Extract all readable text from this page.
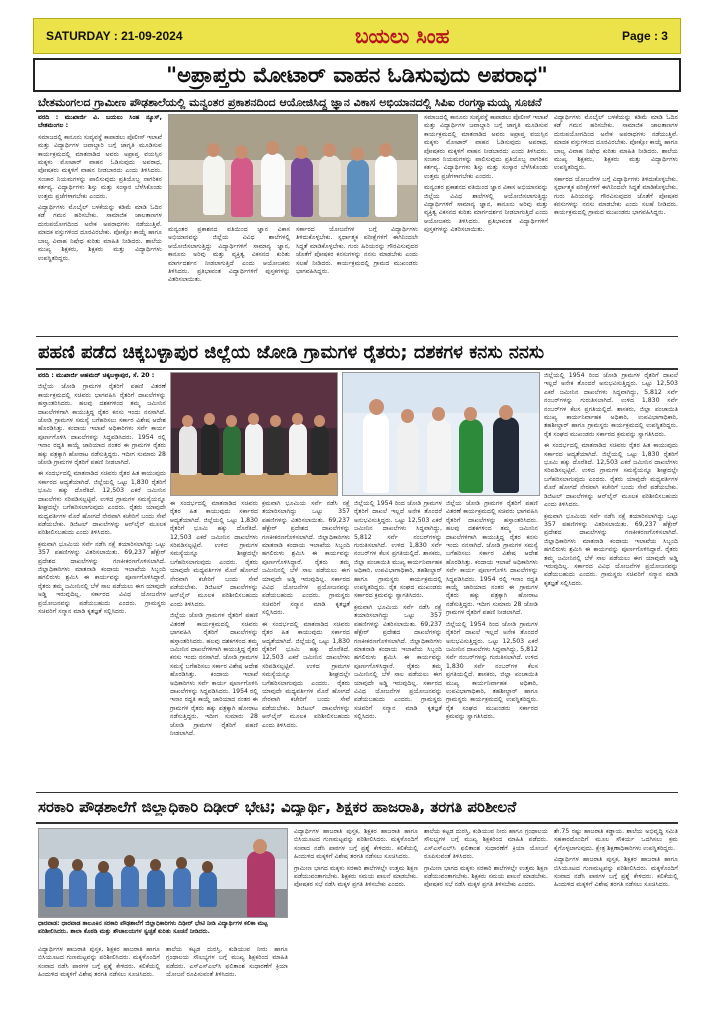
SATURDAY : 21-09-2024	ಬಯಲು ಸಿಂಹ	Page : 3
"ಅಪ್ರಾಪ್ತರು ಮೋಟಾರ್ ವಾಹನ ಓಡಿಸುವುದು ಅಪರಾಧ"
ಬೇತಮಂಗಲದ ಗ್ರಾಮೀಣ ಪೌಢಶಾಲೆಯಲ್ಲಿ ಮನ್ವಂತರ ಪ್ರಕಾಶನದಿಂದ ಆಯೋಜಿಸಿದ್ದ ಜ್ಞಾನ ವಿಕಾಸ ಅಭಿಯಾನದಲ್ಲಿ ಸಿಪಿಐ ರಂಗಸ್ವಾಮಯ್ಯ ಸೂಚನೆ

ವರದಿ : ಮುಖಾರ್ಜಿ ವಿ. ಬಯಲು ಸಿಂಹ ನ್ಯೂಸ್, ಬೇತಮಂಗಲ :

ಸಮಾಜದಲ್ಲಿ ಕಾನೂನು ಸುವ್ಯವಸ್ಥೆ ಕಾಪಾಡಲು ಪೊಲೀಸ್ ಇಲಾಖೆ ಮತ್ತು ವಿದ್ಯಾರ್ಥಿಗಳ ಜವಾಬ್ದಾರಿ ಬಗ್ಗೆ ಜಾಗೃತಿ ಮೂಡಿಸುವ ಕಾರ್ಯಕ್ರಮದಲ್ಲಿ ಮಾತನಾಡಿದ ಅವರು ಅಪ್ರಾಪ್ತ ವಯಸ್ಸಿನ ಮಕ್ಕಳು ಮೋಟಾರ್ ವಾಹನ ಓಡಿಸುವುದು ಅಪರಾಧ, ಪೋಷಕರು ಮಕ್ಕಳಿಗೆ ವಾಹನ ನೀಡಬಾರದು ಎಂದು ತಿಳಿಸಿದರು. ಸಂಚಾರ ನಿಯಮಗಳನ್ನು ಪಾಲಿಸುವುದು ಪ್ರತಿಯೊಬ್ಬ ನಾಗರಿಕನ ಕರ್ತವ್ಯ. ವಿದ್ಯಾರ್ಥಿಗಳು ಶಿಸ್ತು ಮತ್ತು ಸಂಸ್ಕಾರ ಬೆಳೆಸಿಕೊಂಡು ಉತ್ತಮ ಪ್ರಜೆಗಳಾಗಬೇಕು ಎಂದರು.

ವಿದ್ಯಾರ್ಥಿಗಳು ಮೊಬೈಲ್ ಬಳಕೆಯನ್ನು ಕಡಿಮೆ ಮಾಡಿ ಓದಿನ ಕಡೆ ಗಮನ ಹರಿಸಬೇಕು. ಸಾಮಾಜಿಕ ಜಾಲತಾಣಗಳ ದುರುಪಯೋಗದಿಂದ ಅನೇಕ ಅಪರಾಧಗಳು ನಡೆಯುತ್ತಿವೆ. ಮಾದಕ ವಸ್ತುಗಳಿಂದ ದೂರವಿರಬೇಕು. ಪೋಕ್ಸೋ ಕಾಯ್ದೆ ಹಾಗೂ ಬಾಲ್ಯ ವಿವಾಹ ನಿಷೇಧ ಕುರಿತು ಮಾಹಿತಿ ನೀಡಿದರು. ಶಾಲೆಯ ಮುಖ್ಯ ಶಿಕ್ಷಕರು, ಶಿಕ್ಷಕರು ಮತ್ತು ವಿದ್ಯಾರ್ಥಿಗಳು ಉಪಸ್ಥಿತರಿದ್ದರು.

ಮನ್ವಂತರ ಪ್ರಕಾಶನದ ವತಿಯಿಂದ ಜ್ಞಾನ ವಿಕಾಸ ಅಭಿಯಾನವನ್ನು ಜಿಲ್ಲೆಯ ವಿವಿಧ ಶಾಲೆಗಳಲ್ಲಿ ಆಯೋಜಿಸಲಾಗುತ್ತಿದ್ದು ವಿದ್ಯಾರ್ಥಿಗಳಿಗೆ ಸಾಮಾನ್ಯ ಜ್ಞಾನ, ಕಾನೂನು ಅರಿವು ಮತ್ತು ವ್ಯಕ್ತಿತ್ವ ವಿಕಸನದ ಕುರಿತು ಮಾರ್ಗದರ್ಶನ ನೀಡಲಾಗುತ್ತಿದೆ ಎಂದು ಆಯೋಜಕರು ತಿಳಿಸಿದರು. ಪ್ರತಿಭಾವಂತ ವಿದ್ಯಾರ್ಥಿಗಳಿಗೆ ಪುಸ್ತಕಗಳನ್ನು ವಿತರಿಸಲಾಯಿತು.

ಸರ್ಕಾರದ ಯೋಜನೆಗಳ ಬಗ್ಗೆ ವಿದ್ಯಾರ್ಥಿಗಳು ತಿಳಿದುಕೊಳ್ಳಬೇಕು. ಸ್ಪರ್ಧಾತ್ಮಕ ಪರೀಕ್ಷೆಗಳಿಗೆ ಈಗಿನಿಂದಲೇ ಸಿದ್ಧತೆ ಮಾಡಿಕೊಳ್ಳಬೇಕು. ಗುರು ಹಿರಿಯರನ್ನು ಗೌರವಿಸುವುದರ ಜೊತೆಗೆ ಪೋಷಕರ ಕನಸುಗಳನ್ನು ನನಸು ಮಾಡಬೇಕು ಎಂದು ಸಲಹೆ ನೀಡಿದರು. ಕಾರ್ಯಕ್ರಮದಲ್ಲಿ ಗ್ರಾಮದ ಮುಖಂಡರು ಭಾಗವಹಿಸಿದ್ದರು.

ಸಮಾಜದಲ್ಲಿ ಕಾನೂನು ಸುವ್ಯವಸ್ಥೆ ಕಾಪಾಡಲು ಪೊಲೀಸ್ ಇಲಾಖೆ ಮತ್ತು ವಿದ್ಯಾರ್ಥಿಗಳ ಜವಾಬ್ದಾರಿ ಬಗ್ಗೆ ಜಾಗೃತಿ ಮೂಡಿಸುವ ಕಾರ್ಯಕ್ರಮದಲ್ಲಿ ಮಾತನಾಡಿದ ಅವರು ಅಪ್ರಾಪ್ತ ವಯಸ್ಸಿನ ಮಕ್ಕಳು ಮೋಟಾರ್ ವಾಹನ ಓಡಿಸುವುದು ಅಪರಾಧ, ಪೋಷಕರು ಮಕ್ಕಳಿಗೆ ವಾಹನ ನೀಡಬಾರದು ಎಂದು ತಿಳಿಸಿದರು. ಸಂಚಾರ ನಿಯಮಗಳನ್ನು ಪಾಲಿಸುವುದು ಪ್ರತಿಯೊಬ್ಬ ನಾಗರಿಕನ ಕರ್ತವ್ಯ. ವಿದ್ಯಾರ್ಥಿಗಳು ಶಿಸ್ತು ಮತ್ತು ಸಂಸ್ಕಾರ ಬೆಳೆಸಿಕೊಂಡು ಉತ್ತಮ ಪ್ರಜೆಗಳಾಗಬೇಕು ಎಂದರು.

ಮನ್ವಂತರ ಪ್ರಕಾಶನದ ವತಿಯಿಂದ ಜ್ಞಾನ ವಿಕಾಸ ಅಭಿಯಾನವನ್ನು ಜಿಲ್ಲೆಯ ವಿವಿಧ ಶಾಲೆಗಳಲ್ಲಿ ಆಯೋಜಿಸಲಾಗುತ್ತಿದ್ದು ವಿದ್ಯಾರ್ಥಿಗಳಿಗೆ ಸಾಮಾನ್ಯ ಜ್ಞಾನ, ಕಾನೂನು ಅರಿವು ಮತ್ತು ವ್ಯಕ್ತಿತ್ವ ವಿಕಸನದ ಕುರಿತು ಮಾರ್ಗದರ್ಶನ ನೀಡಲಾಗುತ್ತಿದೆ ಎಂದು ಆಯೋಜಕರು ತಿಳಿಸಿದರು. ಪ್ರತಿಭಾವಂತ ವಿದ್ಯಾರ್ಥಿಗಳಿಗೆ ಪುಸ್ತಕಗಳನ್ನು ವಿತರಿಸಲಾಯಿತು.

ವಿದ್ಯಾರ್ಥಿಗಳು ಮೊಬೈಲ್ ಬಳಕೆಯನ್ನು ಕಡಿಮೆ ಮಾಡಿ ಓದಿನ ಕಡೆ ಗಮನ ಹರಿಸಬೇಕು. ಸಾಮಾಜಿಕ ಜಾಲತಾಣಗಳ ದುರುಪಯೋಗದಿಂದ ಅನೇಕ ಅಪರಾಧಗಳು ನಡೆಯುತ್ತಿವೆ. ಮಾದಕ ವಸ್ತುಗಳಿಂದ ದೂರವಿರಬೇಕು. ಪೋಕ್ಸೋ ಕಾಯ್ದೆ ಹಾಗೂ ಬಾಲ್ಯ ವಿವಾಹ ನಿಷೇಧ ಕುರಿತು ಮಾಹಿತಿ ನೀಡಿದರು. ಶಾಲೆಯ ಮುಖ್ಯ ಶಿಕ್ಷಕರು, ಶಿಕ್ಷಕರು ಮತ್ತು ವಿದ್ಯಾರ್ಥಿಗಳು ಉಪಸ್ಥಿತರಿದ್ದರು.

ಸರ್ಕಾರದ ಯೋಜನೆಗಳ ಬಗ್ಗೆ ವಿದ್ಯಾರ್ಥಿಗಳು ತಿಳಿದುಕೊಳ್ಳಬೇಕು. ಸ್ಪರ್ಧಾತ್ಮಕ ಪರೀಕ್ಷೆಗಳಿಗೆ ಈಗಿನಿಂದಲೇ ಸಿದ್ಧತೆ ಮಾಡಿಕೊಳ್ಳಬೇಕು. ಗುರು ಹಿರಿಯರನ್ನು ಗೌರವಿಸುವುದರ ಜೊತೆಗೆ ಪೋಷಕರ ಕನಸುಗಳನ್ನು ನನಸು ಮಾಡಬೇಕು ಎಂದು ಸಲಹೆ ನೀಡಿದರು. ಕಾರ್ಯಕ್ರಮದಲ್ಲಿ ಗ್ರಾಮದ ಮುಖಂಡರು ಭಾಗವಹಿಸಿದ್ದರು.

ಪಹಣಿ ಪಡೆದ ಚಿಕ್ಕಬಳ್ಳಾಪುರ ಜಿಲ್ಲೆಯ ಜೋಡಿ ಗ್ರಾಮಗಳ ರೈತರು; ದಶಕಗಳ ಕನಸು ನನಸು

ವರದಿ : ಮುಖಾರ್ಜಿ ಆಹಮದ್ ಚಿಕ್ಕಬಳ್ಳಾಪುರ, ಸೆ. 20 :

ಜಿಲ್ಲೆಯ ಜೋಡಿ ಗ್ರಾಮಗಳ ರೈತರಿಗೆ ಪಹಣಿ ವಿತರಣೆ ಕಾರ್ಯಕ್ರಮದಲ್ಲಿ ಸಚಿವರು ಭಾಗವಹಿಸಿ ರೈತರಿಗೆ ದಾಖಲೆಗಳನ್ನು ಹಸ್ತಾಂತರಿಸಿದರು. ಹಲವು ದಶಕಗಳಿಂದ ತಮ್ಮ ಜಮೀನಿನ ದಾಖಲೆಗಳಿಗಾಗಿ ಕಾಯುತ್ತಿದ್ದ ರೈತರ ಕನಸು ಇಂದು ನನಸಾಗಿದೆ. ಜೋಡಿ ಗ್ರಾಮಗಳ ಸಮಸ್ಯೆ ಬಗೆಹರಿಸಲು ಸರ್ಕಾರ ವಿಶೇಷ ಆದೇಶ ಹೊರಡಿಸಿತ್ತು. ಕಂದಾಯ ಇಲಾಖೆ ಅಧಿಕಾರಿಗಳು ಸರ್ವೆ ಕಾರ್ಯ ಪೂರ್ಣಗೊಳಿಸಿ ದಾಖಲೆಗಳನ್ನು ಸಿದ್ಧಪಡಿಸಿದರು. 1954 ರಲ್ಲಿ ಇನಾಂ ರದ್ದತಿ ಕಾಯ್ದೆ ಜಾರಿಯಾದ ನಂತರ ಈ ಗ್ರಾಮಗಳ ರೈತರು ಹಕ್ಕು ಪತ್ರಕ್ಕಾಗಿ ಹೋರಾಟ ನಡೆಸುತ್ತಿದ್ದರು. ಇದೀಗ ಸುಮಾರು 28 ಜೋಡಿ ಗ್ರಾಮಗಳ ರೈತರಿಗೆ ಪಹಣಿ ನೀಡಲಾಗಿದೆ.

ಈ ಸಂದರ್ಭದಲ್ಲಿ ಮಾತನಾಡಿದ ಸಚಿವರು ರೈತರ ಹಿತ ಕಾಯುವುದು ಸರ್ಕಾರದ ಆದ್ಯತೆಯಾಗಿದೆ. ಜಿಲ್ಲೆಯಲ್ಲಿ ಒಟ್ಟು 1,830 ರೈತರಿಗೆ ಭೂಮಿ ಹಕ್ಕು ದೊರೆತಿದೆ. 12,503 ಎಕರೆ ಜಮೀನಿನ ದಾಖಲೆಗಳು ಸರಿಪಡಿಸಲ್ಪಟ್ಟಿವೆ. ಉಳಿದ ಗ್ರಾಮಗಳ ಸಮಸ್ಯೆಯನ್ನೂ ಶೀಘ್ರದಲ್ಲೇ ಬಗೆಹರಿಸಲಾಗುವುದು ಎಂದರು. ರೈತರು ಯಾವುದೇ ಮಧ್ಯವರ್ತಿಗಳ ಮೊರೆ ಹೋಗದೆ ನೇರವಾಗಿ ಕಚೇರಿಗೆ ಬಂದು ಸೇವೆ ಪಡೆಯಬೇಕು. ಡಿಜಿಟಲ್ ದಾಖಲೆಗಳನ್ನು ಆನ್‌ಲೈನ್ ಮೂಲಕ ಪರಿಶೀಲಿಸಬಹುದು ಎಂದು ತಿಳಿಸಿದರು.

ಕ್ರಮವಾಗಿ ಭೂಮಿಯ ಸರ್ವೆ ನಡೆಸಿ ನಕ್ಷೆ ತಯಾರಿಸಲಾಗಿದ್ದು ಒಟ್ಟು 357 ಪಹಣಿಗಳನ್ನು ವಿತರಿಸಲಾಯಿತು. 69,237 ಹೆಕ್ಟೇರ್ ಪ್ರದೇಶದ ದಾಖಲೆಗಳನ್ನು ಗಣಕೀಕರಣಗೊಳಿಸಲಾಗಿದೆ. ಜಿಲ್ಲಾಧಿಕಾರಿಗಳು ಮಾತನಾಡಿ ಕಂದಾಯ ಇಲಾಖೆಯ ಸಿಬ್ಬಂದಿ ಹಗಲಿರುಳು ಶ್ರಮಿಸಿ ಈ ಕಾರ್ಯವನ್ನು ಪೂರ್ಣಗೊಳಿಸಿದ್ದಾರೆ. ರೈತರು ತಮ್ಮ ಜಮೀನಿನಲ್ಲಿ ಬೆಳೆ ಸಾಲ ಪಡೆಯಲು ಈಗ ಯಾವುದೇ ಅಡ್ಡಿ ಇರುವುದಿಲ್ಲ. ಸರ್ಕಾರದ ವಿವಿಧ ಯೋಜನೆಗಳ ಪ್ರಯೋಜನವನ್ನು ಪಡೆಯಬಹುದು ಎಂದರು. ಗ್ರಾಮಸ್ಥರು ಸಚಿವರಿಗೆ ಸನ್ಮಾನ ಮಾಡಿ ಕೃತಜ್ಞತೆ ಸಲ್ಲಿಸಿದರು.

ಈ ಸಂದರ್ಭದಲ್ಲಿ ಮಾತನಾಡಿದ ಸಚಿವರು ರೈತರ ಹಿತ ಕಾಯುವುದು ಸರ್ಕಾರದ ಆದ್ಯತೆಯಾಗಿದೆ. ಜಿಲ್ಲೆಯಲ್ಲಿ ಒಟ್ಟು 1,830 ರೈತರಿಗೆ ಭೂಮಿ ಹಕ್ಕು ದೊರೆತಿದೆ. 12,503 ಎಕರೆ ಜಮೀನಿನ ದಾಖಲೆಗಳು ಸರಿಪಡಿಸಲ್ಪಟ್ಟಿವೆ. ಉಳಿದ ಗ್ರಾಮಗಳ ಸಮಸ್ಯೆಯನ್ನೂ ಶೀಘ್ರದಲ್ಲೇ ಬಗೆಹರಿಸಲಾಗುವುದು ಎಂದರು. ರೈತರು ಯಾವುದೇ ಮಧ್ಯವರ್ತಿಗಳ ಮೊರೆ ಹೋಗದೆ ನೇರವಾಗಿ ಕಚೇರಿಗೆ ಬಂದು ಸೇವೆ ಪಡೆಯಬೇಕು. ಡಿಜಿಟಲ್ ದಾಖಲೆಗಳನ್ನು ಆನ್‌ಲೈನ್ ಮೂಲಕ ಪರಿಶೀಲಿಸಬಹುದು ಎಂದು ತಿಳಿಸಿದರು.

ಜಿಲ್ಲೆಯ ಜೋಡಿ ಗ್ರಾಮಗಳ ರೈತರಿಗೆ ಪಹಣಿ ವಿತರಣೆ ಕಾರ್ಯಕ್ರಮದಲ್ಲಿ ಸಚಿವರು ಭಾಗವಹಿಸಿ ರೈತರಿಗೆ ದಾಖಲೆಗಳನ್ನು ಹಸ್ತಾಂತರಿಸಿದರು. ಹಲವು ದಶಕಗಳಿಂದ ತಮ್ಮ ಜಮೀನಿನ ದಾಖಲೆಗಳಿಗಾಗಿ ಕಾಯುತ್ತಿದ್ದ ರೈತರ ಕನಸು ಇಂದು ನನಸಾಗಿದೆ. ಜೋಡಿ ಗ್ರಾಮಗಳ ಸಮಸ್ಯೆ ಬಗೆಹರಿಸಲು ಸರ್ಕಾರ ವಿಶೇಷ ಆದೇಶ ಹೊರಡಿಸಿತ್ತು. ಕಂದಾಯ ಇಲಾಖೆ ಅಧಿಕಾರಿಗಳು ಸರ್ವೆ ಕಾರ್ಯ ಪೂರ್ಣಗೊಳಿಸಿ ದಾಖಲೆಗಳನ್ನು ಸಿದ್ಧಪಡಿಸಿದರು. 1954 ರಲ್ಲಿ ಇನಾಂ ರದ್ದತಿ ಕಾಯ್ದೆ ಜಾರಿಯಾದ ನಂತರ ಈ ಗ್ರಾಮಗಳ ರೈತರು ಹಕ್ಕು ಪತ್ರಕ್ಕಾಗಿ ಹೋರಾಟ ನಡೆಸುತ್ತಿದ್ದರು. ಇದೀಗ ಸುಮಾರು 28 ಜೋಡಿ ಗ್ರಾಮಗಳ ರೈತರಿಗೆ ಪಹಣಿ ನೀಡಲಾಗಿದೆ.

ಕ್ರಮವಾಗಿ ಭೂಮಿಯ ಸರ್ವೆ ನಡೆಸಿ ನಕ್ಷೆ ತಯಾರಿಸಲಾಗಿದ್ದು ಒಟ್ಟು 357 ಪಹಣಿಗಳನ್ನು ವಿತರಿಸಲಾಯಿತು. 69,237 ಹೆಕ್ಟೇರ್ ಪ್ರದೇಶದ ದಾಖಲೆಗಳನ್ನು ಗಣಕೀಕರಣಗೊಳಿಸಲಾಗಿದೆ. ಜಿಲ್ಲಾಧಿಕಾರಿಗಳು ಮಾತನಾಡಿ ಕಂದಾಯ ಇಲಾಖೆಯ ಸಿಬ್ಬಂದಿ ಹಗಲಿರುಳು ಶ್ರಮಿಸಿ ಈ ಕಾರ್ಯವನ್ನು ಪೂರ್ಣಗೊಳಿಸಿದ್ದಾರೆ. ರೈತರು ತಮ್ಮ ಜಮೀನಿನಲ್ಲಿ ಬೆಳೆ ಸಾಲ ಪಡೆಯಲು ಈಗ ಯಾವುದೇ ಅಡ್ಡಿ ಇರುವುದಿಲ್ಲ. ಸರ್ಕಾರದ ವಿವಿಧ ಯೋಜನೆಗಳ ಪ್ರಯೋಜನವನ್ನು ಪಡೆಯಬಹುದು ಎಂದರು. ಗ್ರಾಮಸ್ಥರು ಸಚಿವರಿಗೆ ಸನ್ಮಾನ ಮಾಡಿ ಕೃತಜ್ಞತೆ ಸಲ್ಲಿಸಿದರು.

ಈ ಸಂದರ್ಭದಲ್ಲಿ ಮಾತನಾಡಿದ ಸಚಿವರು ರೈತರ ಹಿತ ಕಾಯುವುದು ಸರ್ಕಾರದ ಆದ್ಯತೆಯಾಗಿದೆ. ಜಿಲ್ಲೆಯಲ್ಲಿ ಒಟ್ಟು 1,830 ರೈತರಿಗೆ ಭೂಮಿ ಹಕ್ಕು ದೊರೆತಿದೆ. 12,503 ಎಕರೆ ಜಮೀನಿನ ದಾಖಲೆಗಳು ಸರಿಪಡಿಸಲ್ಪಟ್ಟಿವೆ. ಉಳಿದ ಗ್ರಾಮಗಳ ಸಮಸ್ಯೆಯನ್ನೂ ಶೀಘ್ರದಲ್ಲೇ ಬಗೆಹರಿಸಲಾಗುವುದು ಎಂದರು. ರೈತರು ಯಾವುದೇ ಮಧ್ಯವರ್ತಿಗಳ ಮೊರೆ ಹೋಗದೆ ನೇರವಾಗಿ ಕಚೇರಿಗೆ ಬಂದು ಸೇವೆ ಪಡೆಯಬೇಕು. ಡಿಜಿಟಲ್ ದಾಖಲೆಗಳನ್ನು ಆನ್‌ಲೈನ್ ಮೂಲಕ ಪರಿಶೀಲಿಸಬಹುದು ಎಂದು ತಿಳಿಸಿದರು.

ಜಿಲ್ಲೆಯಲ್ಲಿ 1954 ರಿಂದ ಜೋಡಿ ಗ್ರಾಮಗಳ ರೈತರಿಗೆ ದಾಖಲೆ ಇಲ್ಲದೆ ಅನೇಕ ತೊಂದರೆ ಅನುಭವಿಸುತ್ತಿದ್ದರು. ಒಟ್ಟು 12,503 ಎಕರೆ ಜಮೀನಿನ ದಾಖಲೆಗಳು ಸಿದ್ಧವಾಗಿದ್ದು, 5,812 ಸರ್ವೆ ನಂಬರ್‌ಗಳನ್ನು ಗುರುತಿಸಲಾಗಿದೆ. ಉಳಿದ 1,830 ಸರ್ವೆ ನಂಬರ್‌ಗಳ ಕೆಲಸ ಪ್ರಗತಿಯಲ್ಲಿದೆ. ಶಾಸಕರು, ಜಿಲ್ಲಾ ಪಂಚಾಯಿತಿ ಮುಖ್ಯ ಕಾರ್ಯನಿರ್ವಾಹಕ ಅಧಿಕಾರಿ, ಉಪವಿಭಾಗಾಧಿಕಾರಿ, ತಹಶೀಲ್ದಾರ್ ಹಾಗೂ ಗ್ರಾಮಸ್ಥರು ಕಾರ್ಯಕ್ರಮದಲ್ಲಿ ಉಪಸ್ಥಿತರಿದ್ದರು. ರೈತ ಸಂಘದ ಮುಖಂಡರು ಸರ್ಕಾರದ ಕ್ರಮವನ್ನು ಸ್ವಾಗತಿಸಿದರು.

ಕ್ರಮವಾಗಿ ಭೂಮಿಯ ಸರ್ವೆ ನಡೆಸಿ ನಕ್ಷೆ ತಯಾರಿಸಲಾಗಿದ್ದು ಒಟ್ಟು 357 ಪಹಣಿಗಳನ್ನು ವಿತರಿಸಲಾಯಿತು. 69,237 ಹೆಕ್ಟೇರ್ ಪ್ರದೇಶದ ದಾಖಲೆಗಳನ್ನು ಗಣಕೀಕರಣಗೊಳಿಸಲಾಗಿದೆ. ಜಿಲ್ಲಾಧಿಕಾರಿಗಳು ಮಾತನಾಡಿ ಕಂದಾಯ ಇಲಾಖೆಯ ಸಿಬ್ಬಂದಿ ಹಗಲಿರುಳು ಶ್ರಮಿಸಿ ಈ ಕಾರ್ಯವನ್ನು ಪೂರ್ಣಗೊಳಿಸಿದ್ದಾರೆ. ರೈತರು ತಮ್ಮ ಜಮೀನಿನಲ್ಲಿ ಬೆಳೆ ಸಾಲ ಪಡೆಯಲು ಈಗ ಯಾವುದೇ ಅಡ್ಡಿ ಇರುವುದಿಲ್ಲ. ಸರ್ಕಾರದ ವಿವಿಧ ಯೋಜನೆಗಳ ಪ್ರಯೋಜನವನ್ನು ಪಡೆಯಬಹುದು ಎಂದರು. ಗ್ರಾಮಸ್ಥರು ಸಚಿವರಿಗೆ ಸನ್ಮಾನ ಮಾಡಿ ಕೃತಜ್ಞತೆ ಸಲ್ಲಿಸಿದರು.

ಜಿಲ್ಲೆಯ ಜೋಡಿ ಗ್ರಾಮಗಳ ರೈತರಿಗೆ ಪಹಣಿ ವಿತರಣೆ ಕಾರ್ಯಕ್ರಮದಲ್ಲಿ ಸಚಿವರು ಭಾಗವಹಿಸಿ ರೈತರಿಗೆ ದಾಖಲೆಗಳನ್ನು ಹಸ್ತಾಂತರಿಸಿದರು. ಹಲವು ದಶಕಗಳಿಂದ ತಮ್ಮ ಜಮೀನಿನ ದಾಖಲೆಗಳಿಗಾಗಿ ಕಾಯುತ್ತಿದ್ದ ರೈತರ ಕನಸು ಇಂದು ನನಸಾಗಿದೆ. ಜೋಡಿ ಗ್ರಾಮಗಳ ಸಮಸ್ಯೆ ಬಗೆಹರಿಸಲು ಸರ್ಕಾರ ವಿಶೇಷ ಆದೇಶ ಹೊರಡಿಸಿತ್ತು. ಕಂದಾಯ ಇಲಾಖೆ ಅಧಿಕಾರಿಗಳು ಸರ್ವೆ ಕಾರ್ಯ ಪೂರ್ಣಗೊಳಿಸಿ ದಾಖಲೆಗಳನ್ನು ಸಿದ್ಧಪಡಿಸಿದರು. 1954 ರಲ್ಲಿ ಇನಾಂ ರದ್ದತಿ ಕಾಯ್ದೆ ಜಾರಿಯಾದ ನಂತರ ಈ ಗ್ರಾಮಗಳ ರೈತರು ಹಕ್ಕು ಪತ್ರಕ್ಕಾಗಿ ಹೋರಾಟ ನಡೆಸುತ್ತಿದ್ದರು. ಇದೀಗ ಸುಮಾರು 28 ಜೋಡಿ ಗ್ರಾಮಗಳ ರೈತರಿಗೆ ಪಹಣಿ ನೀಡಲಾಗಿದೆ.

ಜಿಲ್ಲೆಯಲ್ಲಿ 1954 ರಿಂದ ಜೋಡಿ ಗ್ರಾಮಗಳ ರೈತರಿಗೆ ದಾಖಲೆ ಇಲ್ಲದೆ ಅನೇಕ ತೊಂದರೆ ಅನುಭವಿಸುತ್ತಿದ್ದರು. ಒಟ್ಟು 12,503 ಎಕರೆ ಜಮೀನಿನ ದಾಖಲೆಗಳು ಸಿದ್ಧವಾಗಿದ್ದು, 5,812 ಸರ್ವೆ ನಂಬರ್‌ಗಳನ್ನು ಗುರುತಿಸಲಾಗಿದೆ. ಉಳಿದ 1,830 ಸರ್ವೆ ನಂಬರ್‌ಗಳ ಕೆಲಸ ಪ್ರಗತಿಯಲ್ಲಿದೆ. ಶಾಸಕರು, ಜಿಲ್ಲಾ ಪಂಚಾಯಿತಿ ಮುಖ್ಯ ಕಾರ್ಯನಿರ್ವಾಹಕ ಅಧಿಕಾರಿ, ಉಪವಿಭಾಗಾಧಿಕಾರಿ, ತಹಶೀಲ್ದಾರ್ ಹಾಗೂ ಗ್ರಾಮಸ್ಥರು ಕಾರ್ಯಕ್ರಮದಲ್ಲಿ ಉಪಸ್ಥಿತರಿದ್ದರು. ರೈತ ಸಂಘದ ಮುಖಂಡರು ಸರ್ಕಾರದ ಕ್ರಮವನ್ನು ಸ್ವಾಗತಿಸಿದರು.

ಜಿಲ್ಲೆಯಲ್ಲಿ 1954 ರಿಂದ ಜೋಡಿ ಗ್ರಾಮಗಳ ರೈತರಿಗೆ ದಾಖಲೆ ಇಲ್ಲದೆ ಅನೇಕ ತೊಂದರೆ ಅನುಭವಿಸುತ್ತಿದ್ದರು. ಒಟ್ಟು 12,503 ಎಕರೆ ಜಮೀನಿನ ದಾಖಲೆಗಳು ಸಿದ್ಧವಾಗಿದ್ದು, 5,812 ಸರ್ವೆ ನಂಬರ್‌ಗಳನ್ನು ಗುರುತಿಸಲಾಗಿದೆ. ಉಳಿದ 1,830 ಸರ್ವೆ ನಂಬರ್‌ಗಳ ಕೆಲಸ ಪ್ರಗತಿಯಲ್ಲಿದೆ. ಶಾಸಕರು, ಜಿಲ್ಲಾ ಪಂಚಾಯಿತಿ ಮುಖ್ಯ ಕಾರ್ಯನಿರ್ವಾಹಕ ಅಧಿಕಾರಿ, ಉಪವಿಭಾಗಾಧಿಕಾರಿ, ತಹಶೀಲ್ದಾರ್ ಹಾಗೂ ಗ್ರಾಮಸ್ಥರು ಕಾರ್ಯಕ್ರಮದಲ್ಲಿ ಉಪಸ್ಥಿತರಿದ್ದರು. ರೈತ ಸಂಘದ ಮುಖಂಡರು ಸರ್ಕಾರದ ಕ್ರಮವನ್ನು ಸ್ವಾಗತಿಸಿದರು.

ಈ ಸಂದರ್ಭದಲ್ಲಿ ಮಾತನಾಡಿದ ಸಚಿವರು ರೈತರ ಹಿತ ಕಾಯುವುದು ಸರ್ಕಾರದ ಆದ್ಯತೆಯಾಗಿದೆ. ಜಿಲ್ಲೆಯಲ್ಲಿ ಒಟ್ಟು 1,830 ರೈತರಿಗೆ ಭೂಮಿ ಹಕ್ಕು ದೊರೆತಿದೆ. 12,503 ಎಕರೆ ಜಮೀನಿನ ದಾಖಲೆಗಳು ಸರಿಪಡಿಸಲ್ಪಟ್ಟಿವೆ. ಉಳಿದ ಗ್ರಾಮಗಳ ಸಮಸ್ಯೆಯನ್ನೂ ಶೀಘ್ರದಲ್ಲೇ ಬಗೆಹರಿಸಲಾಗುವುದು ಎಂದರು. ರೈತರು ಯಾವುದೇ ಮಧ್ಯವರ್ತಿಗಳ ಮೊರೆ ಹೋಗದೆ ನೇರವಾಗಿ ಕಚೇರಿಗೆ ಬಂದು ಸೇವೆ ಪಡೆಯಬೇಕು. ಡಿಜಿಟಲ್ ದಾಖಲೆಗಳನ್ನು ಆನ್‌ಲೈನ್ ಮೂಲಕ ಪರಿಶೀಲಿಸಬಹುದು ಎಂದು ತಿಳಿಸಿದರು.

ಕ್ರಮವಾಗಿ ಭೂಮಿಯ ಸರ್ವೆ ನಡೆಸಿ ನಕ್ಷೆ ತಯಾರಿಸಲಾಗಿದ್ದು ಒಟ್ಟು 357 ಪಹಣಿಗಳನ್ನು ವಿತರಿಸಲಾಯಿತು. 69,237 ಹೆಕ್ಟೇರ್ ಪ್ರದೇಶದ ದಾಖಲೆಗಳನ್ನು ಗಣಕೀಕರಣಗೊಳಿಸಲಾಗಿದೆ. ಜಿಲ್ಲಾಧಿಕಾರಿಗಳು ಮಾತನಾಡಿ ಕಂದಾಯ ಇಲಾಖೆಯ ಸಿಬ್ಬಂದಿ ಹಗಲಿರುಳು ಶ್ರಮಿಸಿ ಈ ಕಾರ್ಯವನ್ನು ಪೂರ್ಣಗೊಳಿಸಿದ್ದಾರೆ. ರೈತರು ತಮ್ಮ ಜಮೀನಿನಲ್ಲಿ ಬೆಳೆ ಸಾಲ ಪಡೆಯಲು ಈಗ ಯಾವುದೇ ಅಡ್ಡಿ ಇರುವುದಿಲ್ಲ. ಸರ್ಕಾರದ ವಿವಿಧ ಯೋಜನೆಗಳ ಪ್ರಯೋಜನವನ್ನು ಪಡೆಯಬಹುದು ಎಂದರು. ಗ್ರಾಮಸ್ಥರು ಸಚಿವರಿಗೆ ಸನ್ಮಾನ ಮಾಡಿ ಕೃತಜ್ಞತೆ ಸಲ್ಲಿಸಿದರು.

ಸರಕಾರಿ ಪೌಢಶಾಲೆಗೆ ಜಿಲ್ಲಾಧಿಕಾರಿ ದಿಢೀರ್ ಭೇಟಿ; ವಿದ್ಯಾರ್ಥಿ, ಶಿಕ್ಷಕರ ಹಾಜರಾತಿ, ತರಗತಿ ಪರಿಶೀಲನೆ
ಧಾರವಾಡ: ಧಾರವಾಡ ತಾಲೂಕಿನ ಸರಕಾರಿ ಪೌಢಶಾಲೆಗೆ ಜಿಲ್ಲಾಧಿಕಾರಿಗಳು ದಿಢೀರ್ ಭೇಟಿ ನೀಡಿ ವಿದ್ಯಾರ್ಥಿಗಳ ಕಲಿಕಾ ಮಟ್ಟ ಪರಿಶೀಲಿಸಿದರು. ಶಾಲಾ ಕೊಠಡಿ ಮತ್ತು ಶೌಚಾಲಯಗಳ ಸ್ವಚ್ಛತೆ ಕುರಿತು ಸೂಚನೆ ನೀಡಿದರು.

ವಿದ್ಯಾರ್ಥಿಗಳ ಹಾಜರಾತಿ ಪುಸ್ತಕ, ಶಿಕ್ಷಕರ ಹಾಜರಾತಿ ಹಾಗೂ ಬಿಸಿಯೂಟದ ಗುಣಮಟ್ಟವನ್ನು ಪರಿಶೀಲಿಸಿದರು. ಮಕ್ಕಳೊಂದಿಗೆ ಸಂವಾದ ನಡೆಸಿ ಪಾಠಗಳ ಬಗ್ಗೆ ಪ್ರಶ್ನೆ ಕೇಳಿದರು. ಕಲಿಕೆಯಲ್ಲಿ ಹಿಂದುಳಿದ ಮಕ್ಕಳಿಗೆ ವಿಶೇಷ ತರಗತಿ ನಡೆಸಲು ಸೂಚಿಸಿದರು.

ಶಾಲೆಯ ಕಟ್ಟಡ ದುರಸ್ತಿ, ಕುಡಿಯುವ ನೀರು ಹಾಗೂ ಗ್ರಂಥಾಲಯ ಸೌಲಭ್ಯಗಳ ಬಗ್ಗೆ ಮುಖ್ಯ ಶಿಕ್ಷಕರಿಂದ ಮಾಹಿತಿ ಪಡೆದರು. ಎಸ್ಎಸ್ಎಲ್‌ಸಿ ಫಲಿತಾಂಶ ಸುಧಾರಣೆಗೆ ಕ್ರಿಯಾ ಯೋಜನೆ ರೂಪಿಸುವಂತೆ ತಿಳಿಸಿದರು.

ವಿದ್ಯಾರ್ಥಿಗಳ ಹಾಜರಾತಿ ಪುಸ್ತಕ, ಶಿಕ್ಷಕರ ಹಾಜರಾತಿ ಹಾಗೂ ಬಿಸಿಯೂಟದ ಗುಣಮಟ್ಟವನ್ನು ಪರಿಶೀಲಿಸಿದರು. ಮಕ್ಕಳೊಂದಿಗೆ ಸಂವಾದ ನಡೆಸಿ ಪಾಠಗಳ ಬಗ್ಗೆ ಪ್ರಶ್ನೆ ಕೇಳಿದರು. ಕಲಿಕೆಯಲ್ಲಿ ಹಿಂದುಳಿದ ಮಕ್ಕಳಿಗೆ ವಿಶೇಷ ತರಗತಿ ನಡೆಸಲು ಸೂಚಿಸಿದರು.

ಗ್ರಾಮೀಣ ಭಾಗದ ಮಕ್ಕಳು ಸರಕಾರಿ ಶಾಲೆಗಳಲ್ಲೇ ಉತ್ತಮ ಶಿಕ್ಷಣ ಪಡೆಯುವಂತಾಗಬೇಕು. ಶಿಕ್ಷಕರು ಸಮಯ ಪಾಲನೆ ಮಾಡಬೇಕು. ಪೋಷಕರ ಸಭೆ ನಡೆಸಿ ಮಕ್ಕಳ ಪ್ರಗತಿ ತಿಳಿಸಬೇಕು ಎಂದರು.

ಶಾಲೆಯ ಕಟ್ಟಡ ದುರಸ್ತಿ, ಕುಡಿಯುವ ನೀರು ಹಾಗೂ ಗ್ರಂಥಾಲಯ ಸೌಲಭ್ಯಗಳ ಬಗ್ಗೆ ಮುಖ್ಯ ಶಿಕ್ಷಕರಿಂದ ಮಾಹಿತಿ ಪಡೆದರು. ಎಸ್ಎಸ್ಎಲ್‌ಸಿ ಫಲಿತಾಂಶ ಸುಧಾರಣೆಗೆ ಕ್ರಿಯಾ ಯೋಜನೆ ರೂಪಿಸುವಂತೆ ತಿಳಿಸಿದರು.

ಗ್ರಾಮೀಣ ಭಾಗದ ಮಕ್ಕಳು ಸರಕಾರಿ ಶಾಲೆಗಳಲ್ಲೇ ಉತ್ತಮ ಶಿಕ್ಷಣ ಪಡೆಯುವಂತಾಗಬೇಕು. ಶಿಕ್ಷಕರು ಸಮಯ ಪಾಲನೆ ಮಾಡಬೇಕು. ಪೋಷಕರ ಸಭೆ ನಡೆಸಿ ಮಕ್ಕಳ ಪ್ರಗತಿ ತಿಳಿಸಬೇಕು ಎಂದರು.

ಶೇ.75 ರಷ್ಟು ಹಾಜರಾತಿ ಕಡ್ಡಾಯ. ಶಾಲೆಯ ಅಭಿವೃದ್ಧಿ ಸಮಿತಿ ಸಹಕಾರದೊಂದಿಗೆ ಮೂಲ ಸೌಕರ್ಯ ಒದಗಿಸಲು ಕ್ರಮ ಕೈಗೊಳ್ಳಲಾಗುವುದು. ಕ್ಷೇತ್ರ ಶಿಕ್ಷಣಾಧಿಕಾರಿಗಳು ಉಪಸ್ಥಿತರಿದ್ದರು.

ವಿದ್ಯಾರ್ಥಿಗಳ ಹಾಜರಾತಿ ಪುಸ್ತಕ, ಶಿಕ್ಷಕರ ಹಾಜರಾತಿ ಹಾಗೂ ಬಿಸಿಯೂಟದ ಗುಣಮಟ್ಟವನ್ನು ಪರಿಶೀಲಿಸಿದರು. ಮಕ್ಕಳೊಂದಿಗೆ ಸಂವಾದ ನಡೆಸಿ ಪಾಠಗಳ ಬಗ್ಗೆ ಪ್ರಶ್ನೆ ಕೇಳಿದರು. ಕಲಿಕೆಯಲ್ಲಿ ಹಿಂದುಳಿದ ಮಕ್ಕಳಿಗೆ ವಿಶೇಷ ತರಗತಿ ನಡೆಸಲು ಸೂಚಿಸಿದರು.
